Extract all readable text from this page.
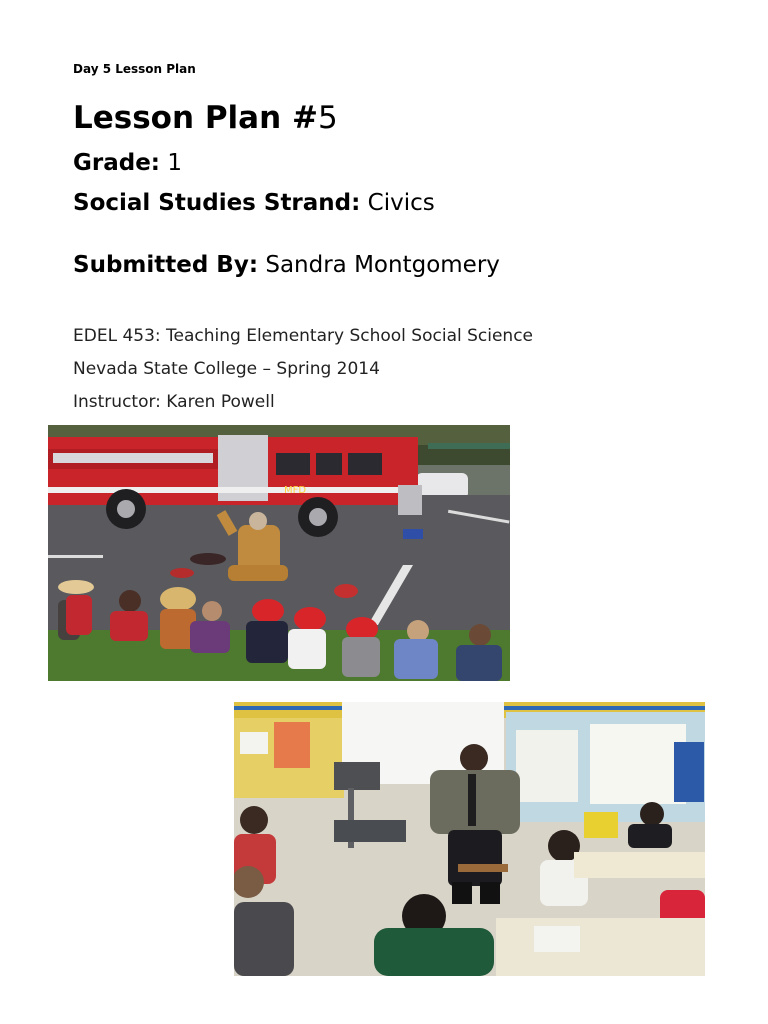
Day 5 Lesson Plan
Lesson Plan #5
Grade: 1
Social Studies Strand: Civics
Submitted By: Sandra Montgomery
EDEL 453: Teaching Elementary School Social Science
Nevada State College – Spring 2014
Instructor: Karen Powell
MFD
